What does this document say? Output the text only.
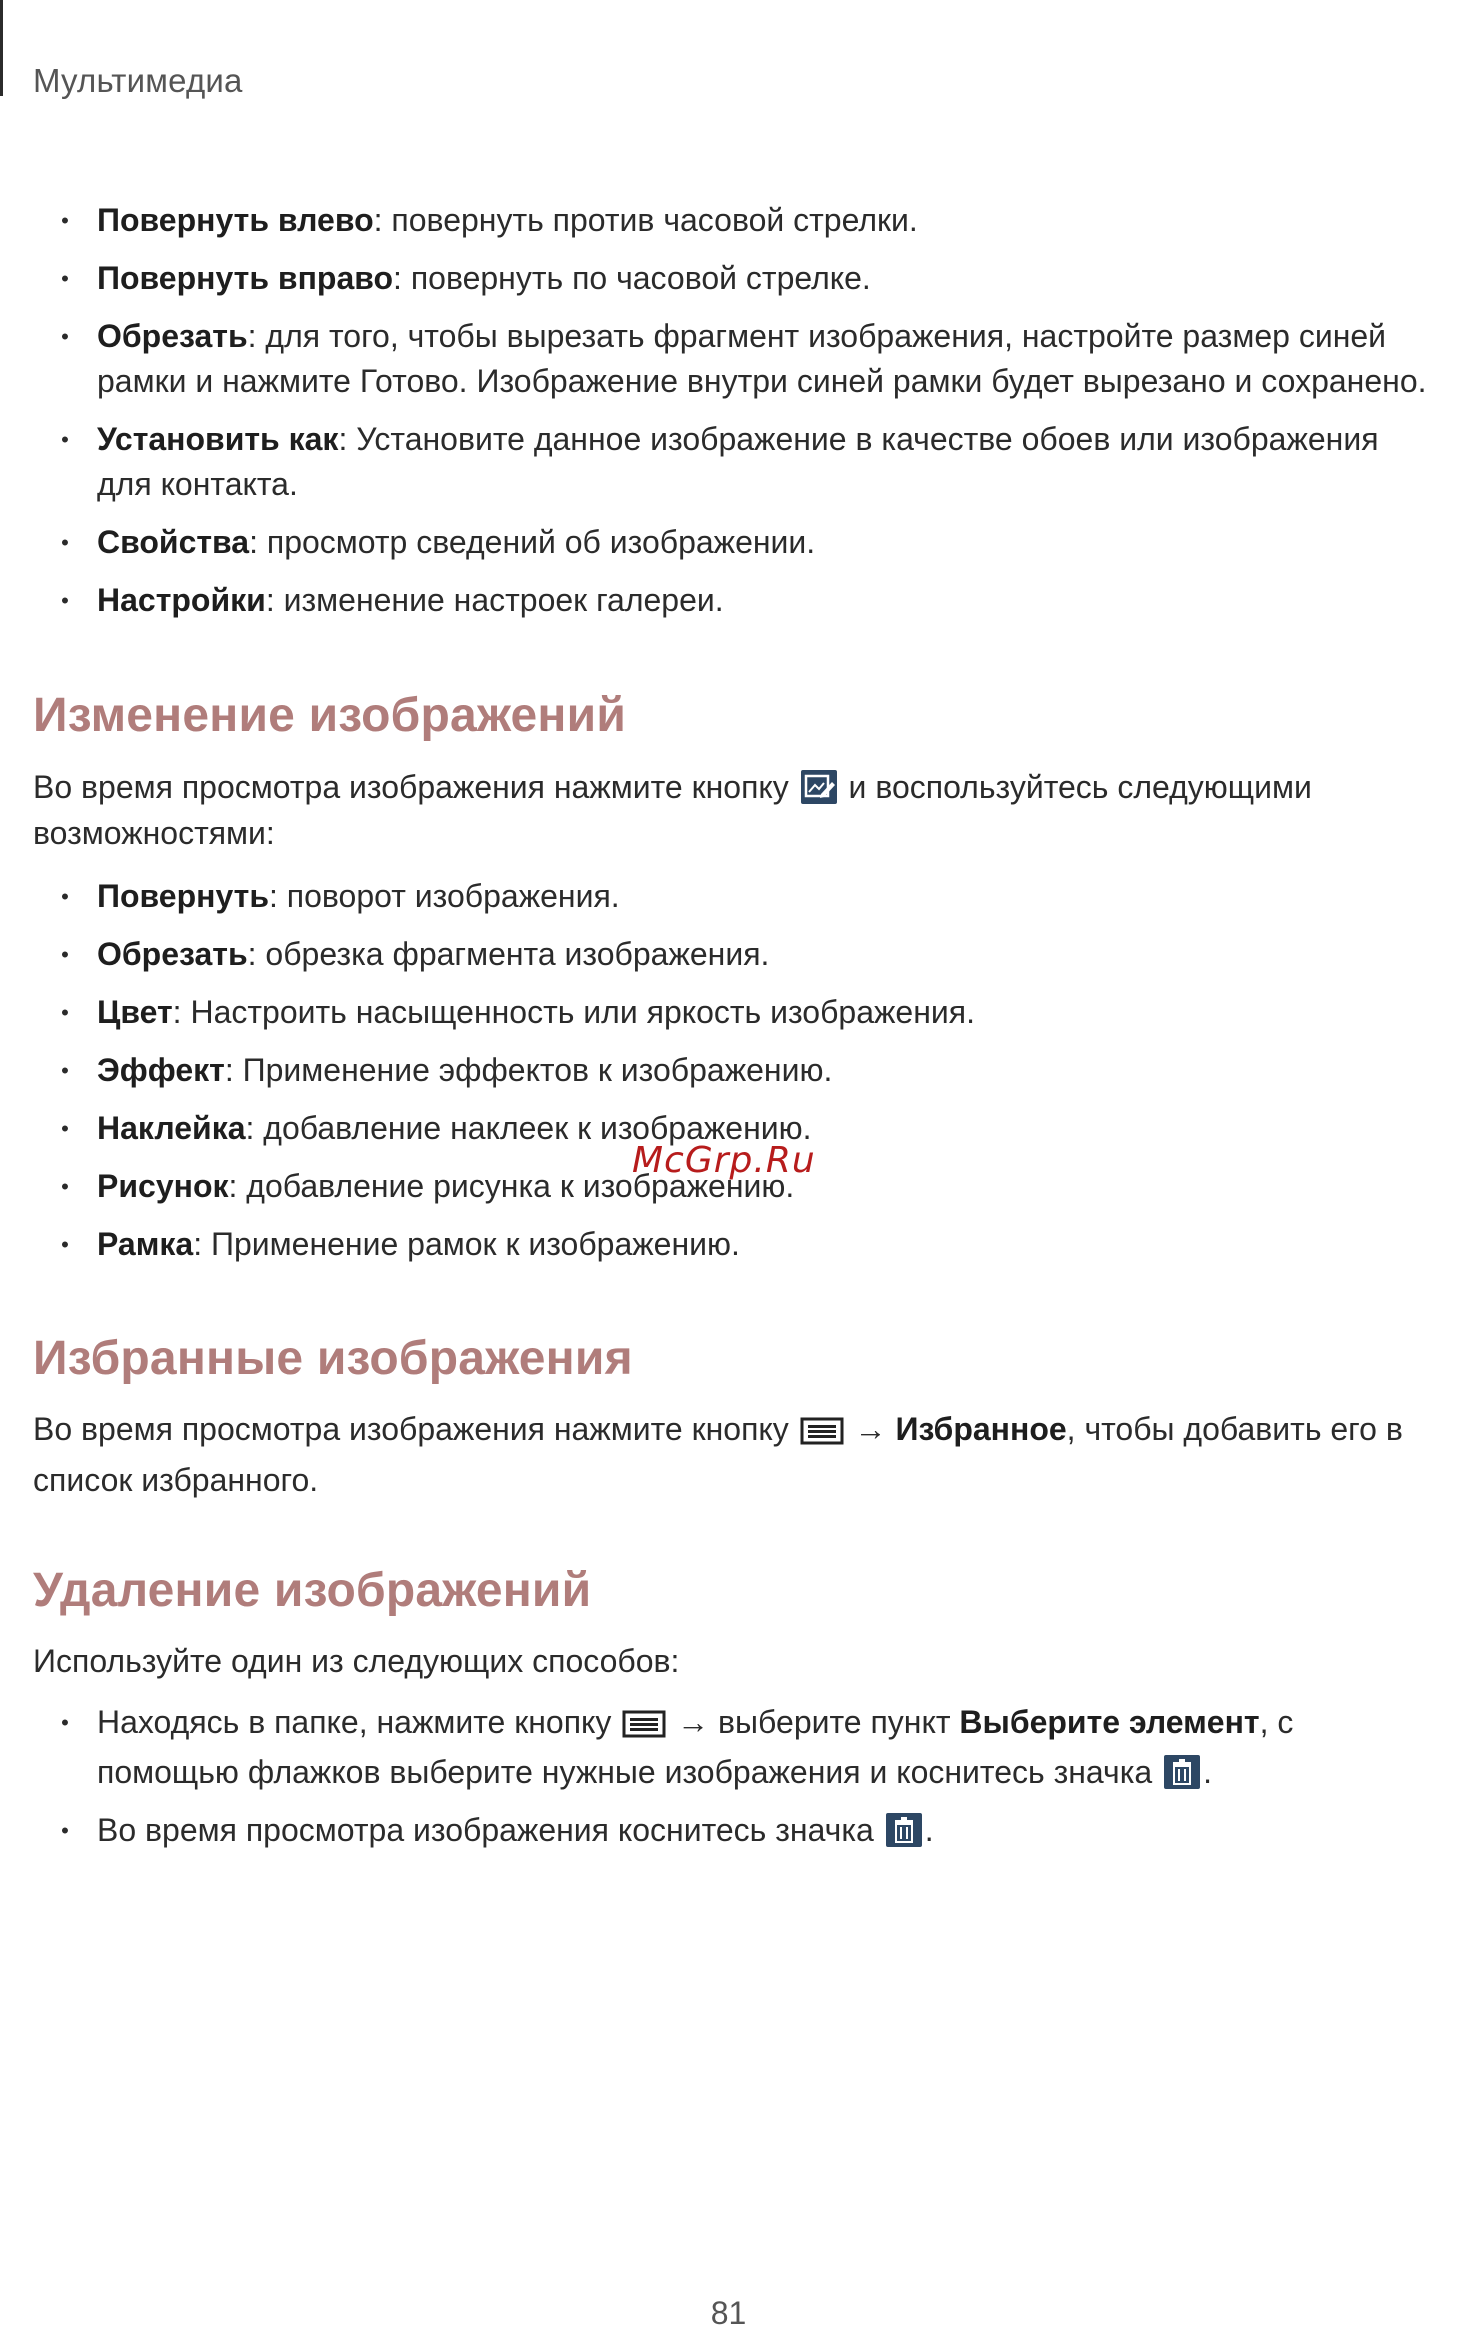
Мультимедиа
• Повернуть влево: повернуть против часовой стрелки.
• Повернуть вправо: повернуть по часовой стрелке.
• Обрезать: для того, чтобы вырезать фрагмент изображения, настройте размер синей рамки и нажмите Готово. Изображение внутри синей рамки будет вырезано и сохранено.
• Установить как: Установите данное изображение в качестве обоев или изображения для контакта.
• Свойства: просмотр сведений об изображении.
• Настройки: изменение настроек галереи.
Изменение изображений
Во время просмотра изображения нажмите кнопку и воспользуйтесь следующими возможностями:
• Повернуть: поворот изображения.
• Обрезать: обрезка фрагмента изображения.
• Цвет: Настроить насыщенность или яркость изображения.
• Эффект: Применение эффектов к изображению.
• Наклейка: добавление наклеек к изображению.
• Рисунок: добавление рисунка к изображению.
• Рамка: Применение рамок к изображению.
McGrp.Ru
Избранные изображения
Во время просмотра изображения нажмите кнопку → Избранное, чтобы добавить его в список избранного.
Удаление изображений
Используйте один из следующих способов:
• Находясь в папке, нажмите кнопку → выберите пункт Выберите элемент, с помощью флажков выберите нужные изображения и коснитесь значка .
• Во время просмотра изображения коснитесь значка .
81
